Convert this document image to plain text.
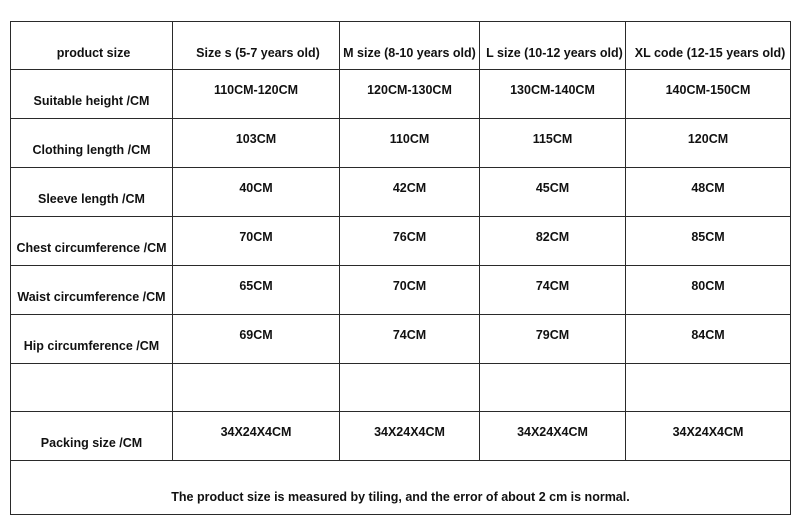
product size	Size s (5-7 years old)	M size (8-10 years old)	L size (10-12 years old)	XL code (12-15 years old)
Suitable height /CM	110CM-120CM	120CM-130CM	130CM-140CM	140CM-150CM
Clothing length /CM	103CM	110CM	115CM	120CM
Sleeve length /CM	40CM	42CM	45CM	48CM
Chest circumference /CM	70CM	76CM	82CM	85CM
Waist circumference /CM	65CM	70CM	74CM	80CM
Hip circumference /CM	69CM	74CM	79CM	84CM

Packing size /CM	34X24X4CM	34X24X4CM	34X24X4CM	34X24X4CM
The product size is measured by tiling, and the error of about 2 cm is normal.				
